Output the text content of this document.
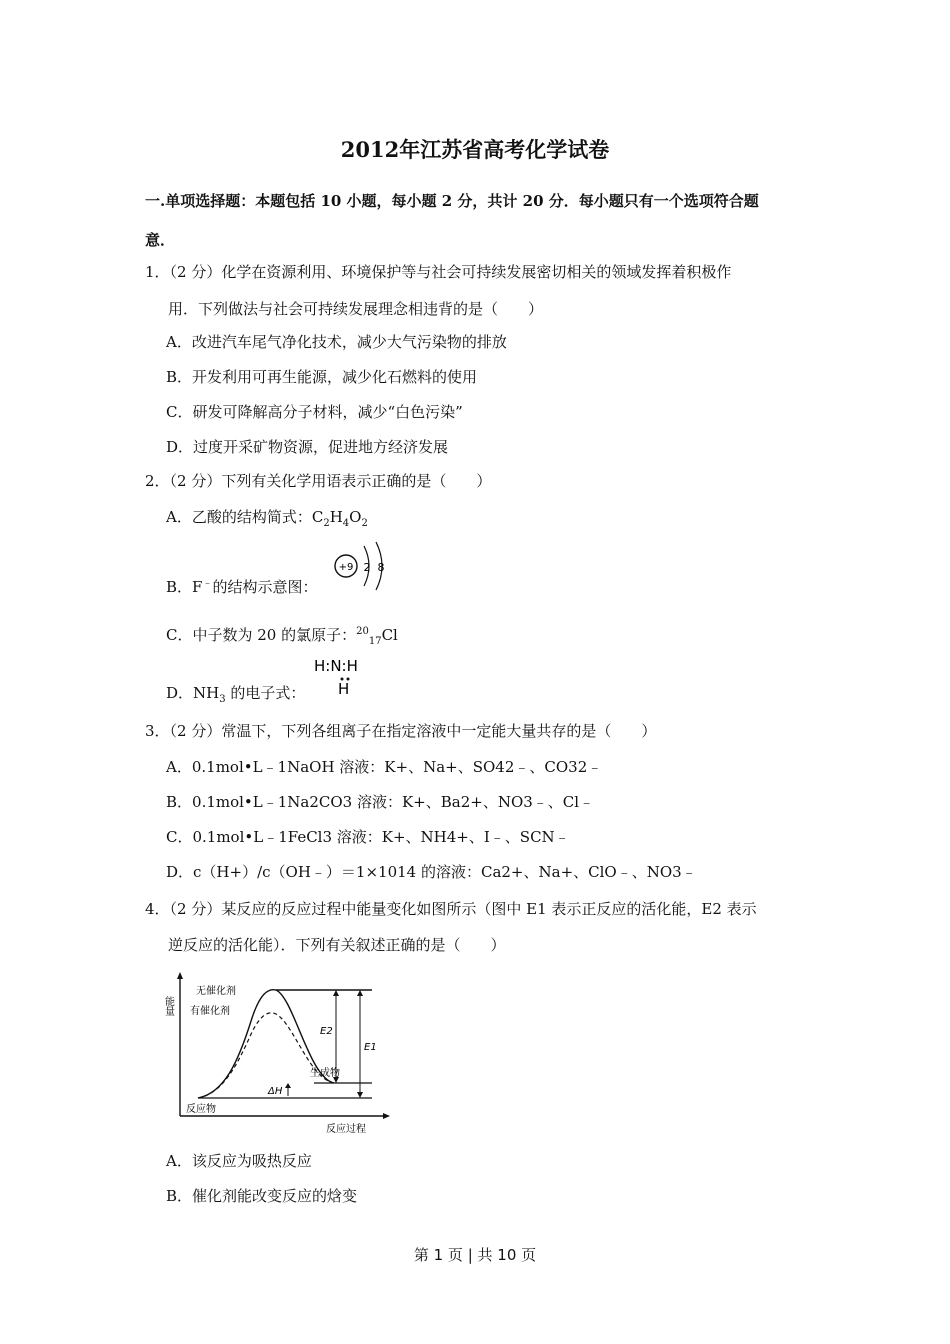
2012年江苏省高考化学试卷
一.单项选择题：本题包括 10 小题，每小题 2 分，共计 20 分．每小题只有一个选项符合题
意．
1．（2 分）化学在资源利用、环境保护等与社会可持续发展密切相关的领域发挥着积极作
用．下列做法与社会可持续发展理念相违背的是（　　）
A．改进汽车尾气净化技术，减少大气污染物的排放
B．开发利用可再生能源，减少化石燃料的使用
C．研发可降解高分子材料，减少“白色污染”
D．过度开采矿物资源，促进地方经济发展
2．（2 分）下列有关化学用语表示正确的是（　　）
A．乙酸的结构简式：$C_2H_4O_2$
B．F﹣的结构示意图：
+9 2 8
C．中子数为 20 的氯原子：$^{20}_{17}$Cl
D．$NH_3$ 的电子式：
H:N:H
H
3．（2 分）常温下，下列各组离子在指定溶液中一定能大量共存的是（　　）
A．0.1mol•L﹣1NaOH 溶液：K+、Na+、SO42﹣、CO32﹣
B．0.1mol•L﹣1Na2CO3 溶液：K+、Ba2+、NO3﹣、Cl﹣
C．0.1mol•L﹣1FeCl3 溶液：K+、NH4+、I﹣、SCN﹣
D．c（H+）/c（OH﹣）＝1×1014 的溶液：Ca2+、Na+、ClO﹣、NO3﹣
4．（2 分）某反应的反应过程中能量变化如图所示（图中 E1 表示正反应的活化能，E2 表示
逆反应的活化能）．下列有关叙述正确的是（　　）
能量
反应过程
无催化剂
有催化剂
反应物
生成物
E1
E2
ΔH
A．该反应为吸热反应
B．催化剂能改变反应的焓变
第 1 页 | 共 10 页
